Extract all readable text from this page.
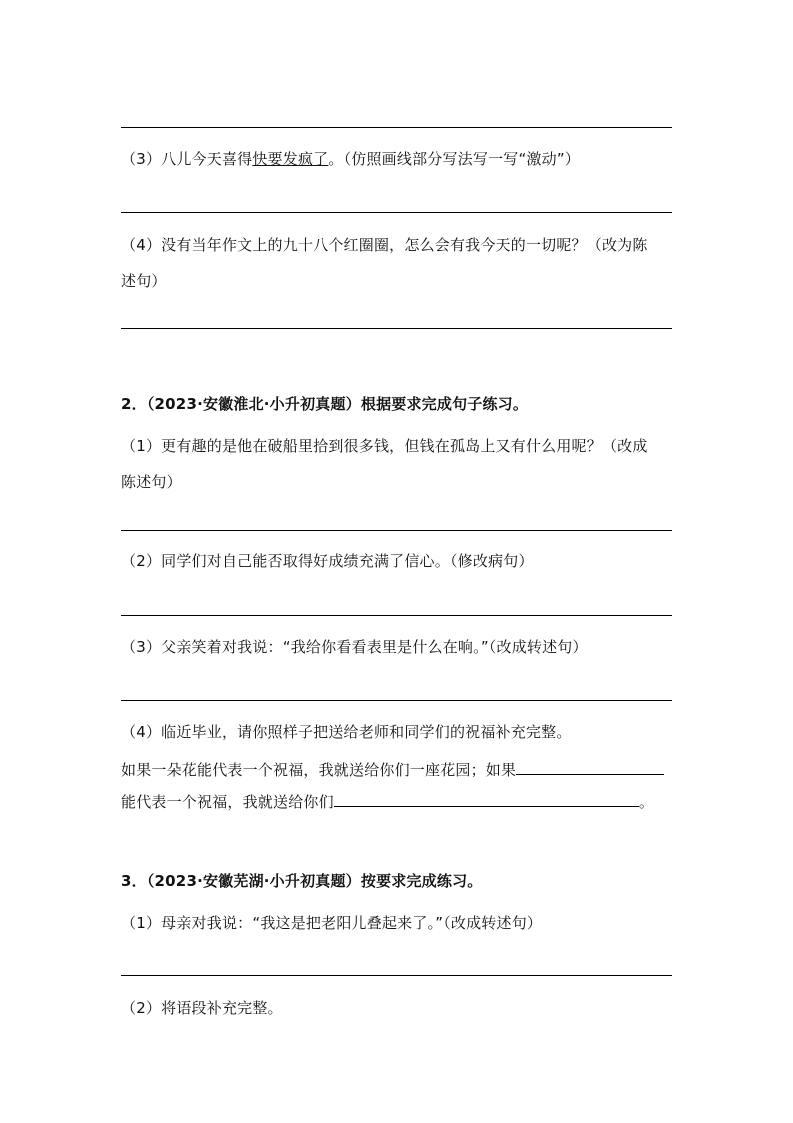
（3）八儿今天喜得快要发疯了。（仿照画线部分写法写一写“激动”）
（4）没有当年作文上的九十八个红圈圈，怎么会有我今天的一切呢？（改为陈
述句）
2．（2023·安徽淮北·小升初真题）根据要求完成句子练习。
（1）更有趣的是他在破船里拾到很多钱，但钱在孤岛上又有什么用呢？（改成
陈述句）
（2）同学们对自己能否取得好成绩充满了信心。（修改病句）
（3）父亲笑着对我说：“我给你看看表里是什么在响。”（改成转述句）
（4）临近毕业，请你照样子把送给老师和同学们的祝福补充完整。
如果一朵花能代表一个祝福，我就送给你们一座花园；如果
能代表一个祝福，我就送给你们	。
3．（2023·安徽芜湖·小升初真题）按要求完成练习。
（1）母亲对我说：“我这是把老阳儿叠起来了。”（改成转述句）
（2）将语段补充完整。
